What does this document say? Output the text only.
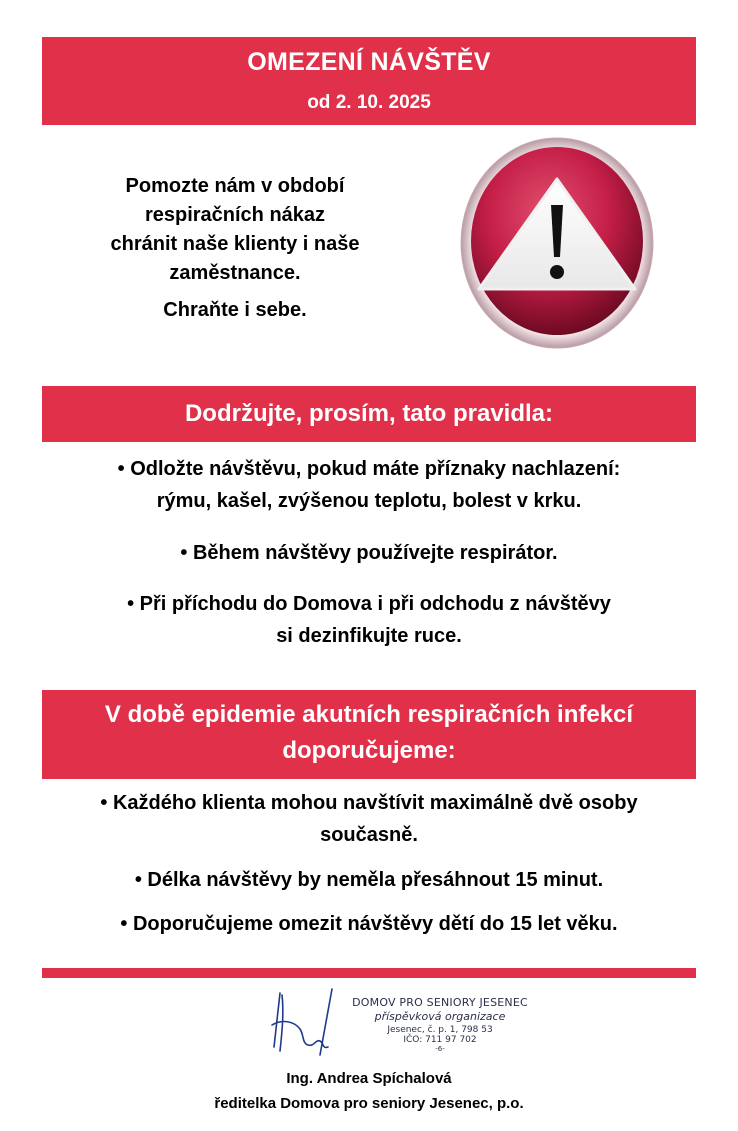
OMEZENÍ NÁVŠTĚV
od 2. 10. 2025
Pomozte nám v období
respiračních nákaz
chránit naše klienty i naše
zaměstnance.
Chraňte i sebe.
Dodržujte, prosím, tato pravidla:
• Odložte návštěvu, pokud máte příznaky nachlazení:
rýmu, kašel, zvýšenou teplotu, bolest v krku.
• Během návštěvy používejte respirátor.
• Při příchodu do Domova i při odchodu z návštěvy
si dezinfikujte ruce.
V době epidemie akutních respiračních infekcí
doporučujeme:
• Každého klienta mohou navštívit maximálně dvě osoby
současně.
• Délka návštěvy by neměla přesáhnout 15 minut.
• Doporučujeme omezit návštěvy dětí do 15 let věku.
DOMOV PRO SENIORY JESENEC
příspěvková organizace
Jesenec, č. p. 1, 798 53
IČO: 711 97 702
-6-
Ing. Andrea Spíchalová
ředitelka Domova pro seniory Jesenec, p.o.
